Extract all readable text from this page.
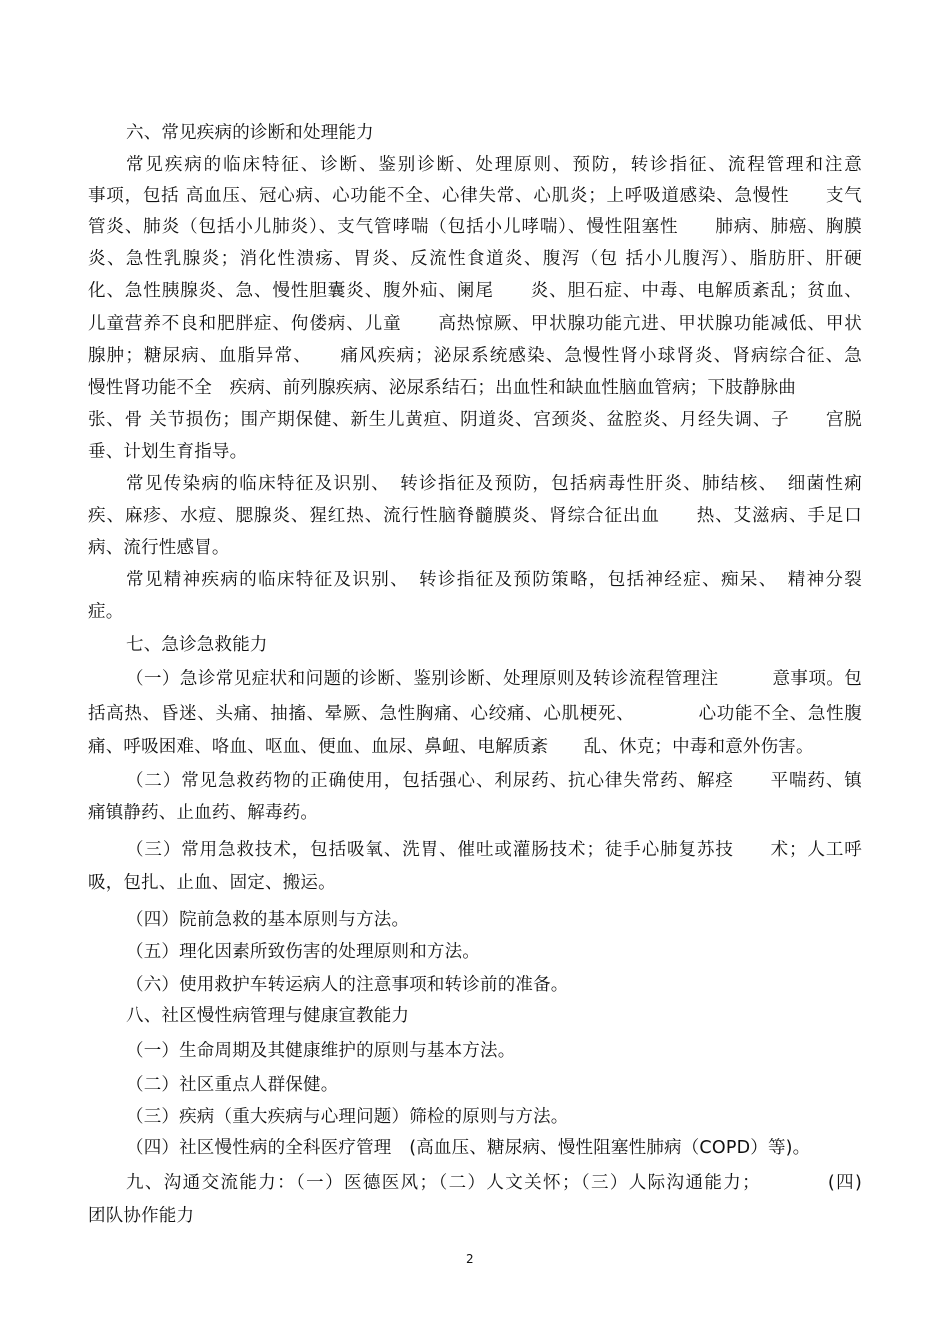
六、常见疾病的诊断和处理能力
常见疾病的临床特征、诊断、鉴别诊断、处理原则、预防，转诊指征、流程管理和注意
事项，包括 高血压、冠心病、心功能不全、心律失常、心肌炎；上呼吸道感染、急慢性　　支气
管炎、肺炎（包括小儿肺炎）、支气管哮喘（包括小儿哮喘）、慢性阻塞性　　肺病、肺癌、胸膜
炎、急性乳腺炎；消化性溃疡、胃炎、反流性食道炎、腹泻（包 括小儿腹泻）、脂肪肝、肝硬
化、急性胰腺炎、急、慢性胆囊炎、腹外疝、阑尾　　炎、胆石症、中毒、电解质紊乱；贫血、
儿童营养不良和肥胖症、佝偻病、儿童　　高热惊厥、甲状腺功能亢进、甲状腺功能减低、甲状
腺肿；糖尿病、血脂异常、　　痛风疾病；泌尿系统感染、急慢性肾小球肾炎、肾病综合征、急
慢性肾功能不全　疾病、前列腺疾病、泌尿系结石；出血性和缺血性脑血管病；下肢静脉曲
张、骨 关节损伤；围产期保健、新生儿黄疸、阴道炎、宫颈炎、盆腔炎、月经失调、子　　宫脱
垂、计划生育指导。
常见传染病的临床特征及识别、　转诊指征及预防，包括病毒性肝炎、肺结核、　细菌性痢
疾、麻疹、水痘、腮腺炎、猩红热、流行性脑脊髓膜炎、肾综合征出血　　热、艾滋病、手足口
病、流行性感冒。
常见精神疾病的临床特征及识别、　转诊指征及预防策略，包括神经症、痴呆、　精神分裂
症。
七、急诊急救能力
（一）急诊常见症状和问题的诊断、鉴别诊断、处理原则及转诊流程管理注　　　意事项。包
括高热、昏迷、头痛、抽搐、晕厥、急性胸痛、心绞痛、心肌梗死、　　　　心功能不全、急性腹
痛、呼吸困难、咯血、呕血、便血、血尿、鼻衄、电解质紊　　乱、休克；中毒和意外伤害。
（二）常见急救药物的正确使用，包括强心、利尿药、抗心律失常药、解痉　　平喘药、镇
痛镇静药、止血药、解毒药。
（三）常用急救技术，包括吸氧、洗胃、催吐或灌肠技术；徒手心肺复苏技　　术；人工呼
吸，包扎、止血、固定、搬运。
（四）院前急救的基本原则与方法。
（五）理化因素所致伤害的处理原则和方法。
（六）使用救护车转运病人的注意事项和转诊前的准备。
八、社区慢性病管理与健康宣教能力
（一）生命周期及其健康维护的原则与基本方法。
（二）社区重点人群保健。
（三）疾病（重大疾病与心理问题）筛检的原则与方法。
（四）社区慢性病的全科医疗管理　(高血压、糖尿病、慢性阻塞性肺病（COPD）等)。
九、沟通交流能力：（一）医德医风；（二）人文关怀；（三）人际沟通能力；　　　　(四)
团队协作能力
2
